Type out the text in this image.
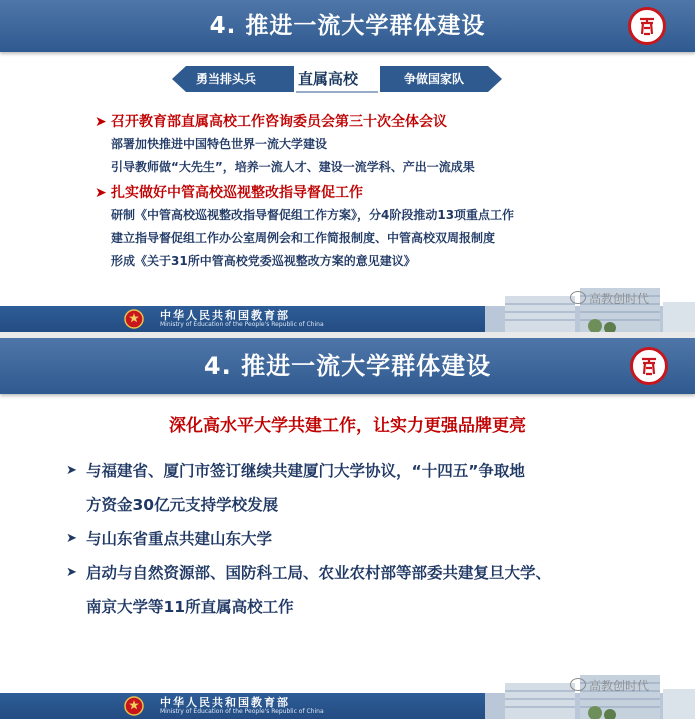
4. 推进一流大学群体建设
勇当排头兵	直属高校	争做国家队
➤ 召开教育部直属高校工作咨询委员会第三十次全体会议
部署加快推进中国特色世界一流大学建设
引导教师做“大先生”，培养一流人才、建设一流学科、产出一流成果
➤ 扎实做好中管高校巡视整改指导督促工作
研制《中管高校巡视整改指导督促组工作方案》，分4阶段推动13项重点工作
建立指导督促组工作办公室周例会和工作简报制度、中管高校双周报制度
形成《关于31所中管高校党委巡视整改方案的意见建议》
中华人民共和国教育部
Ministry of Education of the People's Republic of China
高教创时代
4. 推进一流大学群体建设
深化高水平大学共建工作，让实力更强品牌更亮
➤ 与福建省、厦门市签订继续共建厦门大学协议，“十四五”争取地
方资金30亿元支持学校发展
➤ 与山东省重点共建山东大学
➤ 启动与自然资源部、国防科工局、农业农村部等部委共建复旦大学、
南京大学等11所直属高校工作
中华人民共和国教育部
Ministry of Education of the People's Republic of China
高教创时代
